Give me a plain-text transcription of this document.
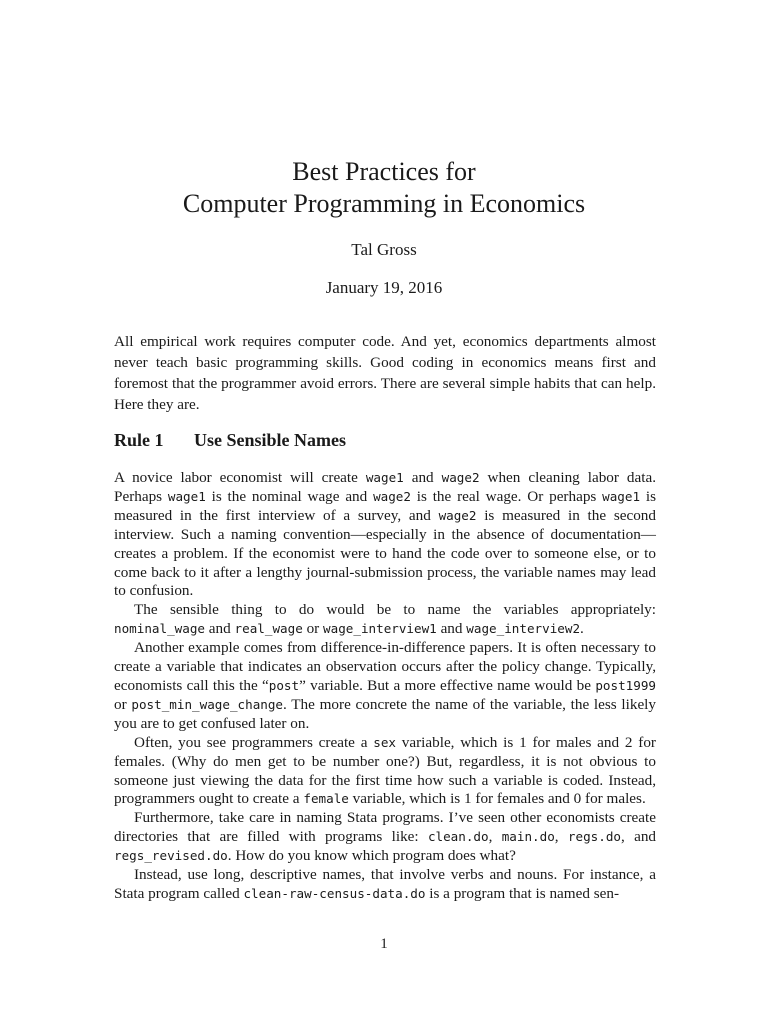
Best Practices for
Computer Programming in Economics
Tal Gross
January 19, 2016
All empirical work requires computer code. And yet, economics departments almost never teach basic programming skills. Good coding in economics means first and foremost that the programmer avoid errors. There are several simple habits that can help. Here they are.
Rule 1 Use Sensible Names

A novice labor economist will create wage1 and wage2 when cleaning labor data. Perhaps wage1 is the nominal wage and wage2 is the real wage. Or perhaps wage1 is measured in the first interview of a survey, and wage2 is measured in the second interview. Such a naming convention—especially in the absence of documentation—creates a problem. If the economist were to hand the code over to someone else, or to come back to it after a lengthy journal-submission process, the variable names may lead to confusion.

The sensible thing to do would be to name the variables appropriately: nominal_wage and real_wage or wage_interview1 and wage_interview2.

Another example comes from difference-in-difference papers. It is often necessary to create a variable that indicates an observation occurs after the policy change. Typically, economists call this the “post” variable. But a more effective name would be post1999 or post_min_wage_change. The more concrete the name of the variable, the less likely you are to get confused later on.

Often, you see programmers create a sex variable, which is 1 for males and 2 for females. (Why do men get to be number one?) But, regardless, it is not obvious to someone just viewing the data for the first time how such a variable is coded. Instead, programmers ought to create a female variable, which is 1 for females and 0 for males.

Furthermore, take care in naming Stata programs. I’ve seen other economists create directories that are filled with programs like: clean.do, main.do, regs.do, and regs_revised.do. How do you know which program does what?

Instead, use long, descriptive names, that involve verbs and nouns. For instance, a Stata program called clean-raw-census-data.do is a program that is named sen-

1
